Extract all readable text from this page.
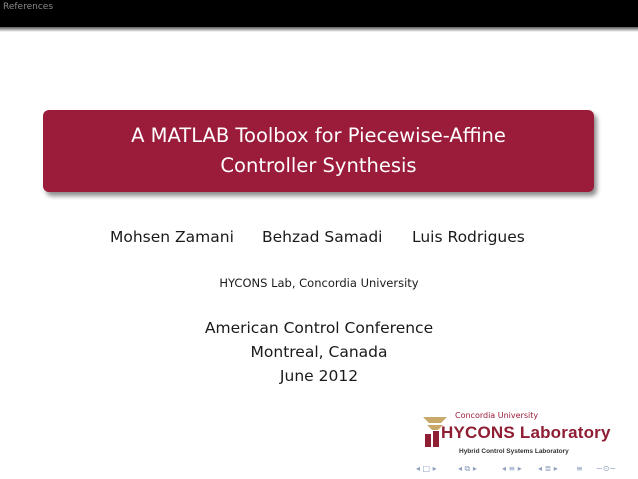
References
A MATLAB Toolbox for Piecewise-Affine
Controller Synthesis
Mohsen Zamani Behzad Samadi Luis Rodrigues
HYCONS Lab, Concordia University
American Control Conference
Montreal, Canada
June 2012
Concordia University
HYCONS Laboratory
Hybrid Control Systems Laboratory
◂ □ ▸	◂ ⧉ ▸	◂ ≡ ▸ ◂ ≣ ▸ ≡ ∽⊙∼
